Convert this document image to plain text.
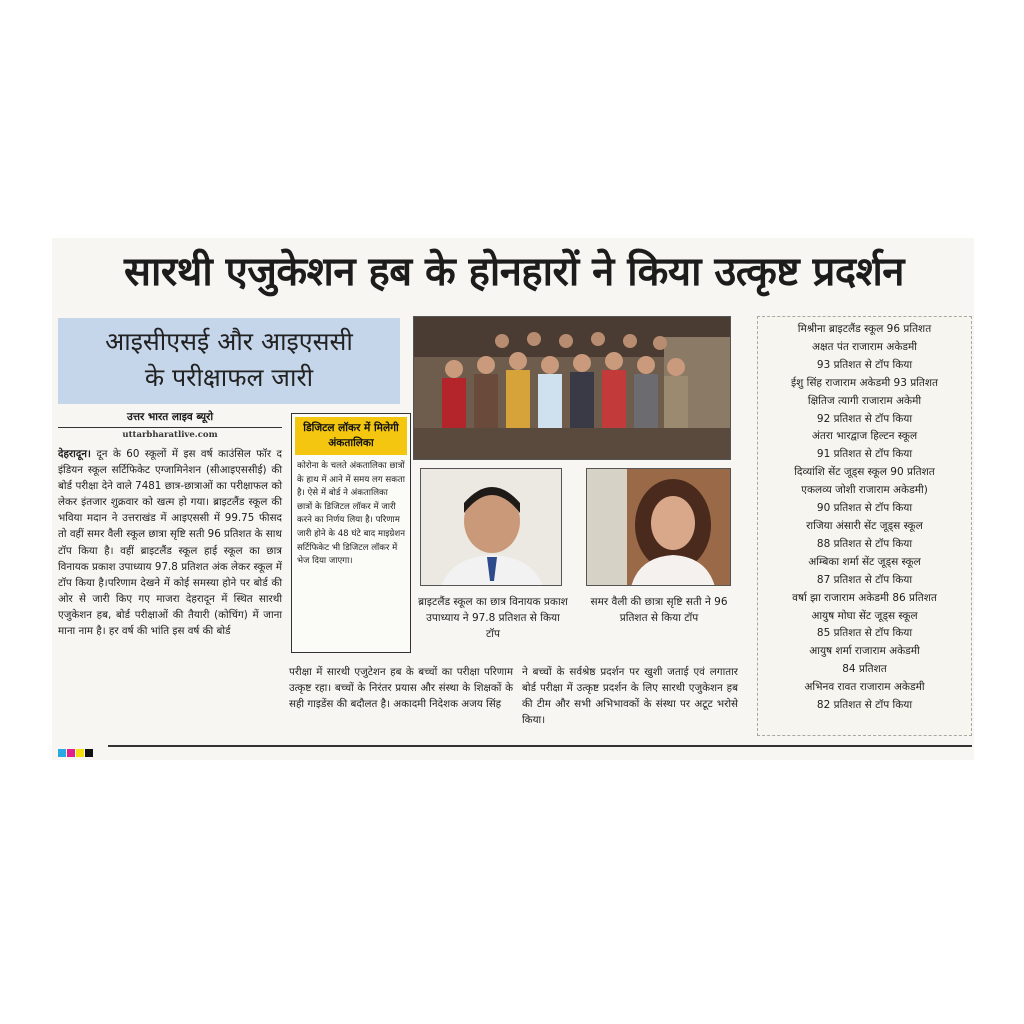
सारथी एजुकेशन हब के होनहारों ने किया उत्कृष्ट प्रदर्शन
आइसीएसई और आइएससी
के परीक्षाफल जारी
उत्तर भारत लाइव ब्यूरो
uttarbharatlive.com
देहरादून। दून के 60 स्कूलों में इस वर्ष काउंसिल फॉर द इंडियन स्कूल सर्टिफिकेट एग्जामिनेशन (सीआइएससीई) की बोर्ड परीक्षा देने वाले 7481 छात्र-छात्राओं का परीक्षाफल को लेकर इंतजार शुक्रवार को खत्म हो गया। ब्राइटलैंड स्कूल की भविया मदान ने उत्तराखंड में आइएससी में 99.75 फीसद तो वहीं समर वैली स्कूल छात्रा सृष्टि सती 96 प्रतिशत के साथ टॉप किया है। वहीं ब्राइटलैंड स्कूल हाई स्कूल का छात्र विनायक प्रकाश उपाध्याय 97.8 प्रतिशत अंक लेकर स्कूल में टॉप किया है।परिणाम देखने में कोई समस्या होने पर बोर्ड की ओर से जारी किए गए माजरा देहरादून में स्थित सारथी एजुकेशन हब, बोर्ड परीक्षाओं की तैयारी (कोचिंग) में जाना माना नाम है। हर वर्ष की भांति इस वर्ष की बोर्ड
डिजिटल लॉकर में मिलेगी अंकतालिका
कोरोना के चलते अंकतालिका छात्रों के हाथ में आने में समय लग सकता है। ऐसे में बोर्ड ने अंकतालिका छात्रों के डिजिटल लॉकर में जारी करने का निर्णय लिया है। परिणाम जारी होने के 48 घंटे बाद माइग्रेशन सर्टिफिकेट भी डिजिटल लॉकर में भेज दिया जाएगा।
ब्राइटलैंड स्कूल का छात्र विनायक प्रकाश उपाध्याय ने 97.8 प्रतिशत से किया टॉप
समर वैली की छात्रा सृष्टि सती ने 96 प्रतिशत से किया टॉप
परीक्षा में सारथी एजुटेशन हब के बच्चों का परीक्षा परिणाम उत्कृष्ट रहा। बच्चों के निरंतर प्रयास और संस्था के शिक्षकों के सही गाइडेंस की बदौलत है। अकादमी निदेशक अजय सिंह
ने बच्चों के सर्वश्रेष्ठ प्रदर्शन पर खुशी जताई एवं लगातार बोर्ड परीक्षा में उत्कृष्ट प्रदर्शन के लिए सारथी एजुकेशन हब की टीम और सभी अभिभावकों के संस्था पर अटूट भरोसे किया।
मिश्रीना ब्राइटलैंड स्कूल 96 प्रतिशत
अक्षत पंत राजाराम अकेडमी
93 प्रतिशत से टॉप किया
ईशु सिंह राजाराम अकेडमी 93 प्रतिशत
क्षितिज त्यागी राजाराम अकेमी
92 प्रतिशत से टॉप किया
अंतरा भारद्वाज हिल्टन स्कूल
91 प्रतिशत से टॉप किया
दिव्यांशि सेंट जूड्स स्कूल 90 प्रतिशत
एकलव्य जोशी राजाराम अकेडमी)
90 प्रतिशत से टॉप किया
राजिया अंसारी सेंट जूड्स स्कूल
88 प्रतिशत से टॉप किया
अम्बिका शर्मा सेंट जूड्स स्कूल
87 प्रतिशत से टॉप किया
वर्षा झा राजाराम अकेडमी 86 प्रतिशत
आयुष मोघा सेंट जूड्स स्कूल
85 प्रतिशत से टॉप किया
आयुष शर्मा राजाराम अकेडमी
84 प्रतिशत
अभिनव रावत राजाराम अकेडमी
82 प्रतिशत से टॉप किया
